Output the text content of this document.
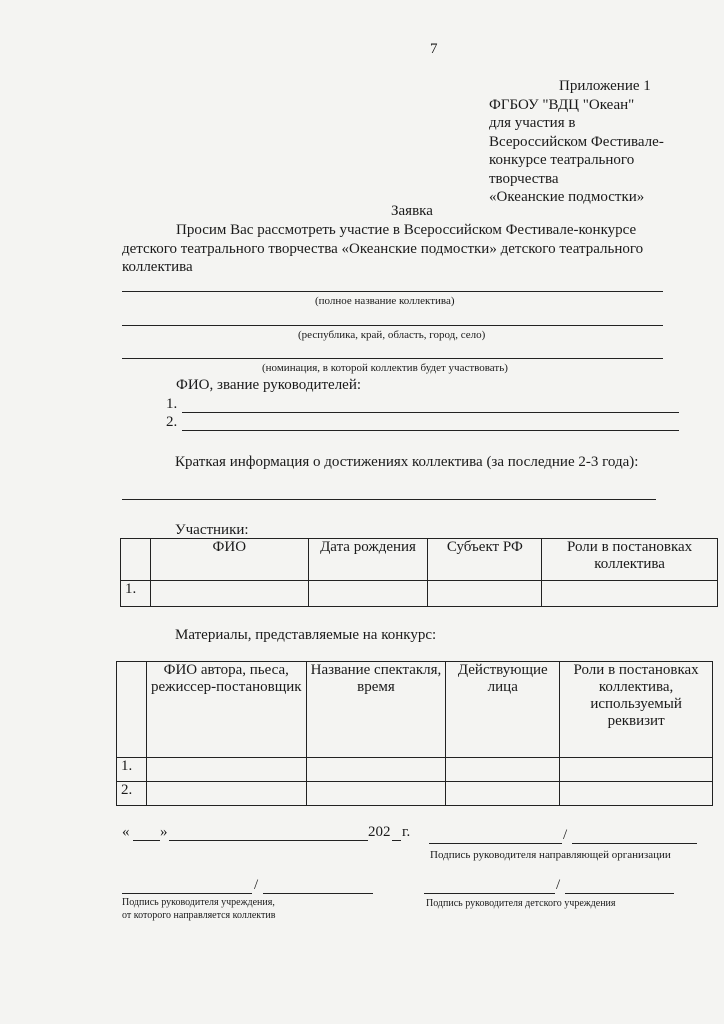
7
Приложение 1
ФГБОУ "ВДЦ "Океан"
для участия в
Всероссийском Фестивале-
конкурсе театрального
творчества
«Океанские подмостки»
Заявка
Просим Вас рассмотреть участие в Всероссийском Фестивале-конкурсе
детского театрального творчества «Океанские подмостки» детского театрального
коллектива
(полное название коллектива)
(республика, край, область, город, село)
(номинация, в которой коллектив будет участвовать)
ФИО, звание руководителей:
1.
2.
Краткая информация о достижениях коллектива (за последние 2-3 года):
Участники:
	ФИО	Дата рождения	Субъект РФ	Роли в постановках коллектива
1.				
Материалы, представляемые на конкурс:
	ФИО автора, пьеса, режиссер-постановщик	Название спектакля, время	Действующие лица	Роли в постановках коллектива, используемый реквизит
1.				
2.				
« »	202 г.	/
Подпись руководителя направляющей организации
/
Подпись руководителя учреждения,
от которого направляется коллектив
/
Подпись руководителя детского учреждения
